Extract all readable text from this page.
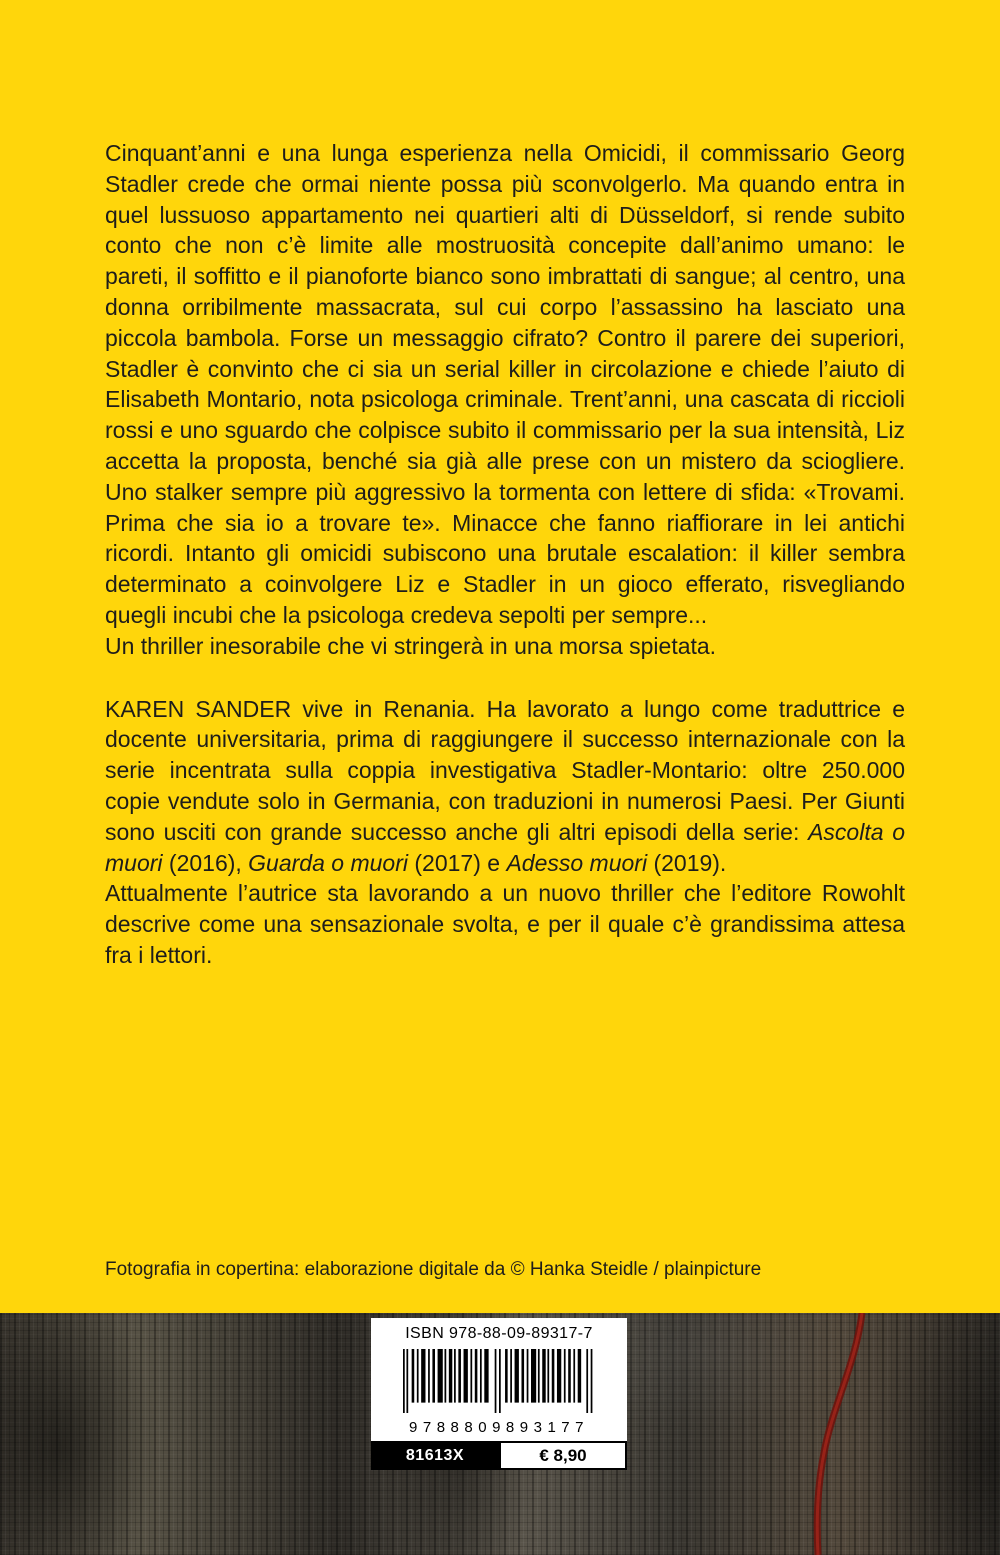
Cinquant’anni e una lunga esperienza nella Omicidi, il commissario Georg Stadler crede che ormai niente possa più sconvolgerlo. Ma quando entra in quel lussuoso appartamento nei quartieri alti di Düsseldorf, si rende subito conto che non c’è limite alle mostruosità concepite dall’animo umano: le pareti, il soffitto e il pianoforte bianco sono imbrattati di sangue; al centro, una donna orribilmente massacrata, sul cui corpo l’assassino ha lasciato una piccola bambola. Forse un messaggio cifrato? Contro il parere dei superiori, Stadler è convinto che ci sia un serial killer in circolazione e chiede l’aiuto di Elisabeth Montario, nota psicologa criminale. Trent’anni, una cascata di riccioli rossi e uno sguardo che colpisce subito il commissario per la sua intensità, Liz accetta la proposta, benché sia già alle prese con un mistero da sciogliere. Uno stalker sempre più aggressivo la tormenta con lettere di sfida: «Trovami. Prima che sia io a trovare te». Minacce che fanno riaffiorare in lei antichi ricordi. Intanto gli omicidi subiscono una brutale escalation: il killer sembra determinato a coinvolgere Liz e Stadler in un gioco efferato, risvegliando quegli incubi che la psicologa credeva sepolti per sempre...

Un thriller inesorabile che vi stringerà in una morsa spietata.

KAREN SANDER vive in Renania. Ha lavorato a lungo come traduttrice e docente universitaria, prima di raggiungere il successo internazionale con la serie incentrata sulla coppia investigativa Stadler-Montario: oltre 250.000 copie vendute solo in Germania, con traduzioni in numerosi Paesi. Per Giunti sono usciti con grande successo anche gli altri episodi della serie: Ascolta o muori (2016), Guarda o muori (2017) e Adesso muori (2019).

Attualmente l’autrice sta lavorando a un nuovo thriller che l’editore Rowohlt descrive come una sensazionale svolta, e per il quale c’è grandissima attesa fra i lettori.

Fotografia in copertina: elaborazione digitale da © Hanka Steidle / plainpicture

ISBN 978-88-09-89317-7
9788809893177
81613X	€ 8,90
